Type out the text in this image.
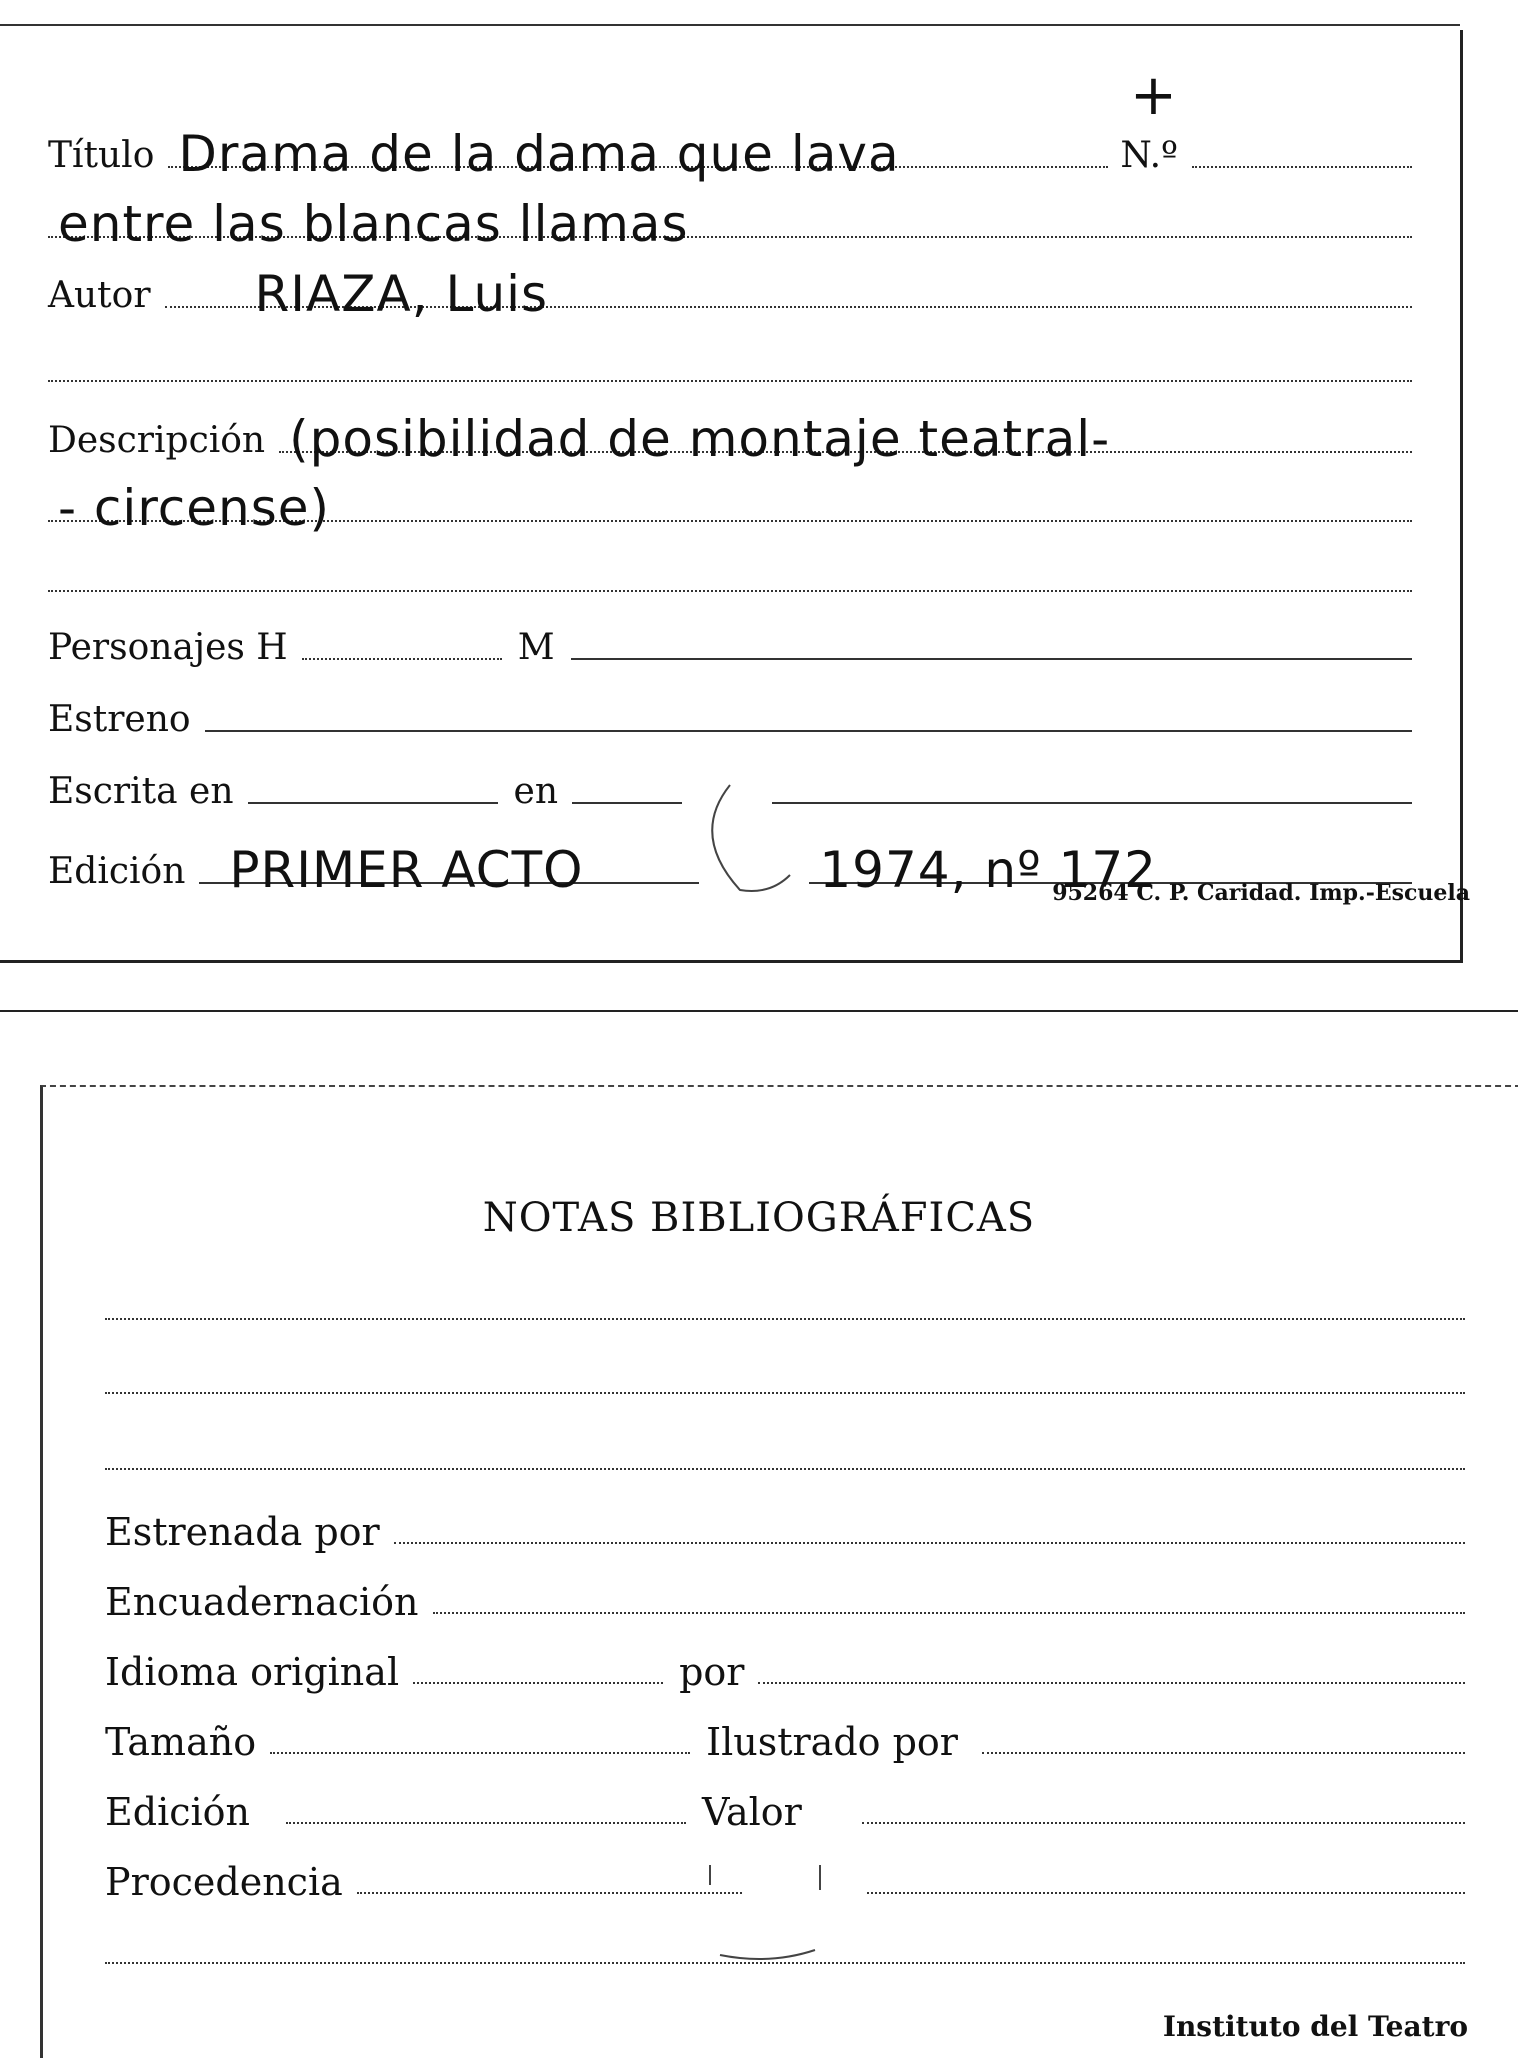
+
Título Drama de la dama que lava	N.º
entre las blancas llamas
Autor	RIAZA, Luis
Descripción (posibilidad de montaje teatral-
- circense)
Personajes H	M
Estreno
Escrita en	en
Edición PRIMER ACTO	1974, nº 172
95264 C. P. Caridad. Imp.-Escuela
NOTAS BIBLIOGRÁFICAS
Estrenada por
Encuadernación
Idioma original	por
Tamaño	Ilustrado por
Edición	Valor
Procedencia
Instituto del Teatro
